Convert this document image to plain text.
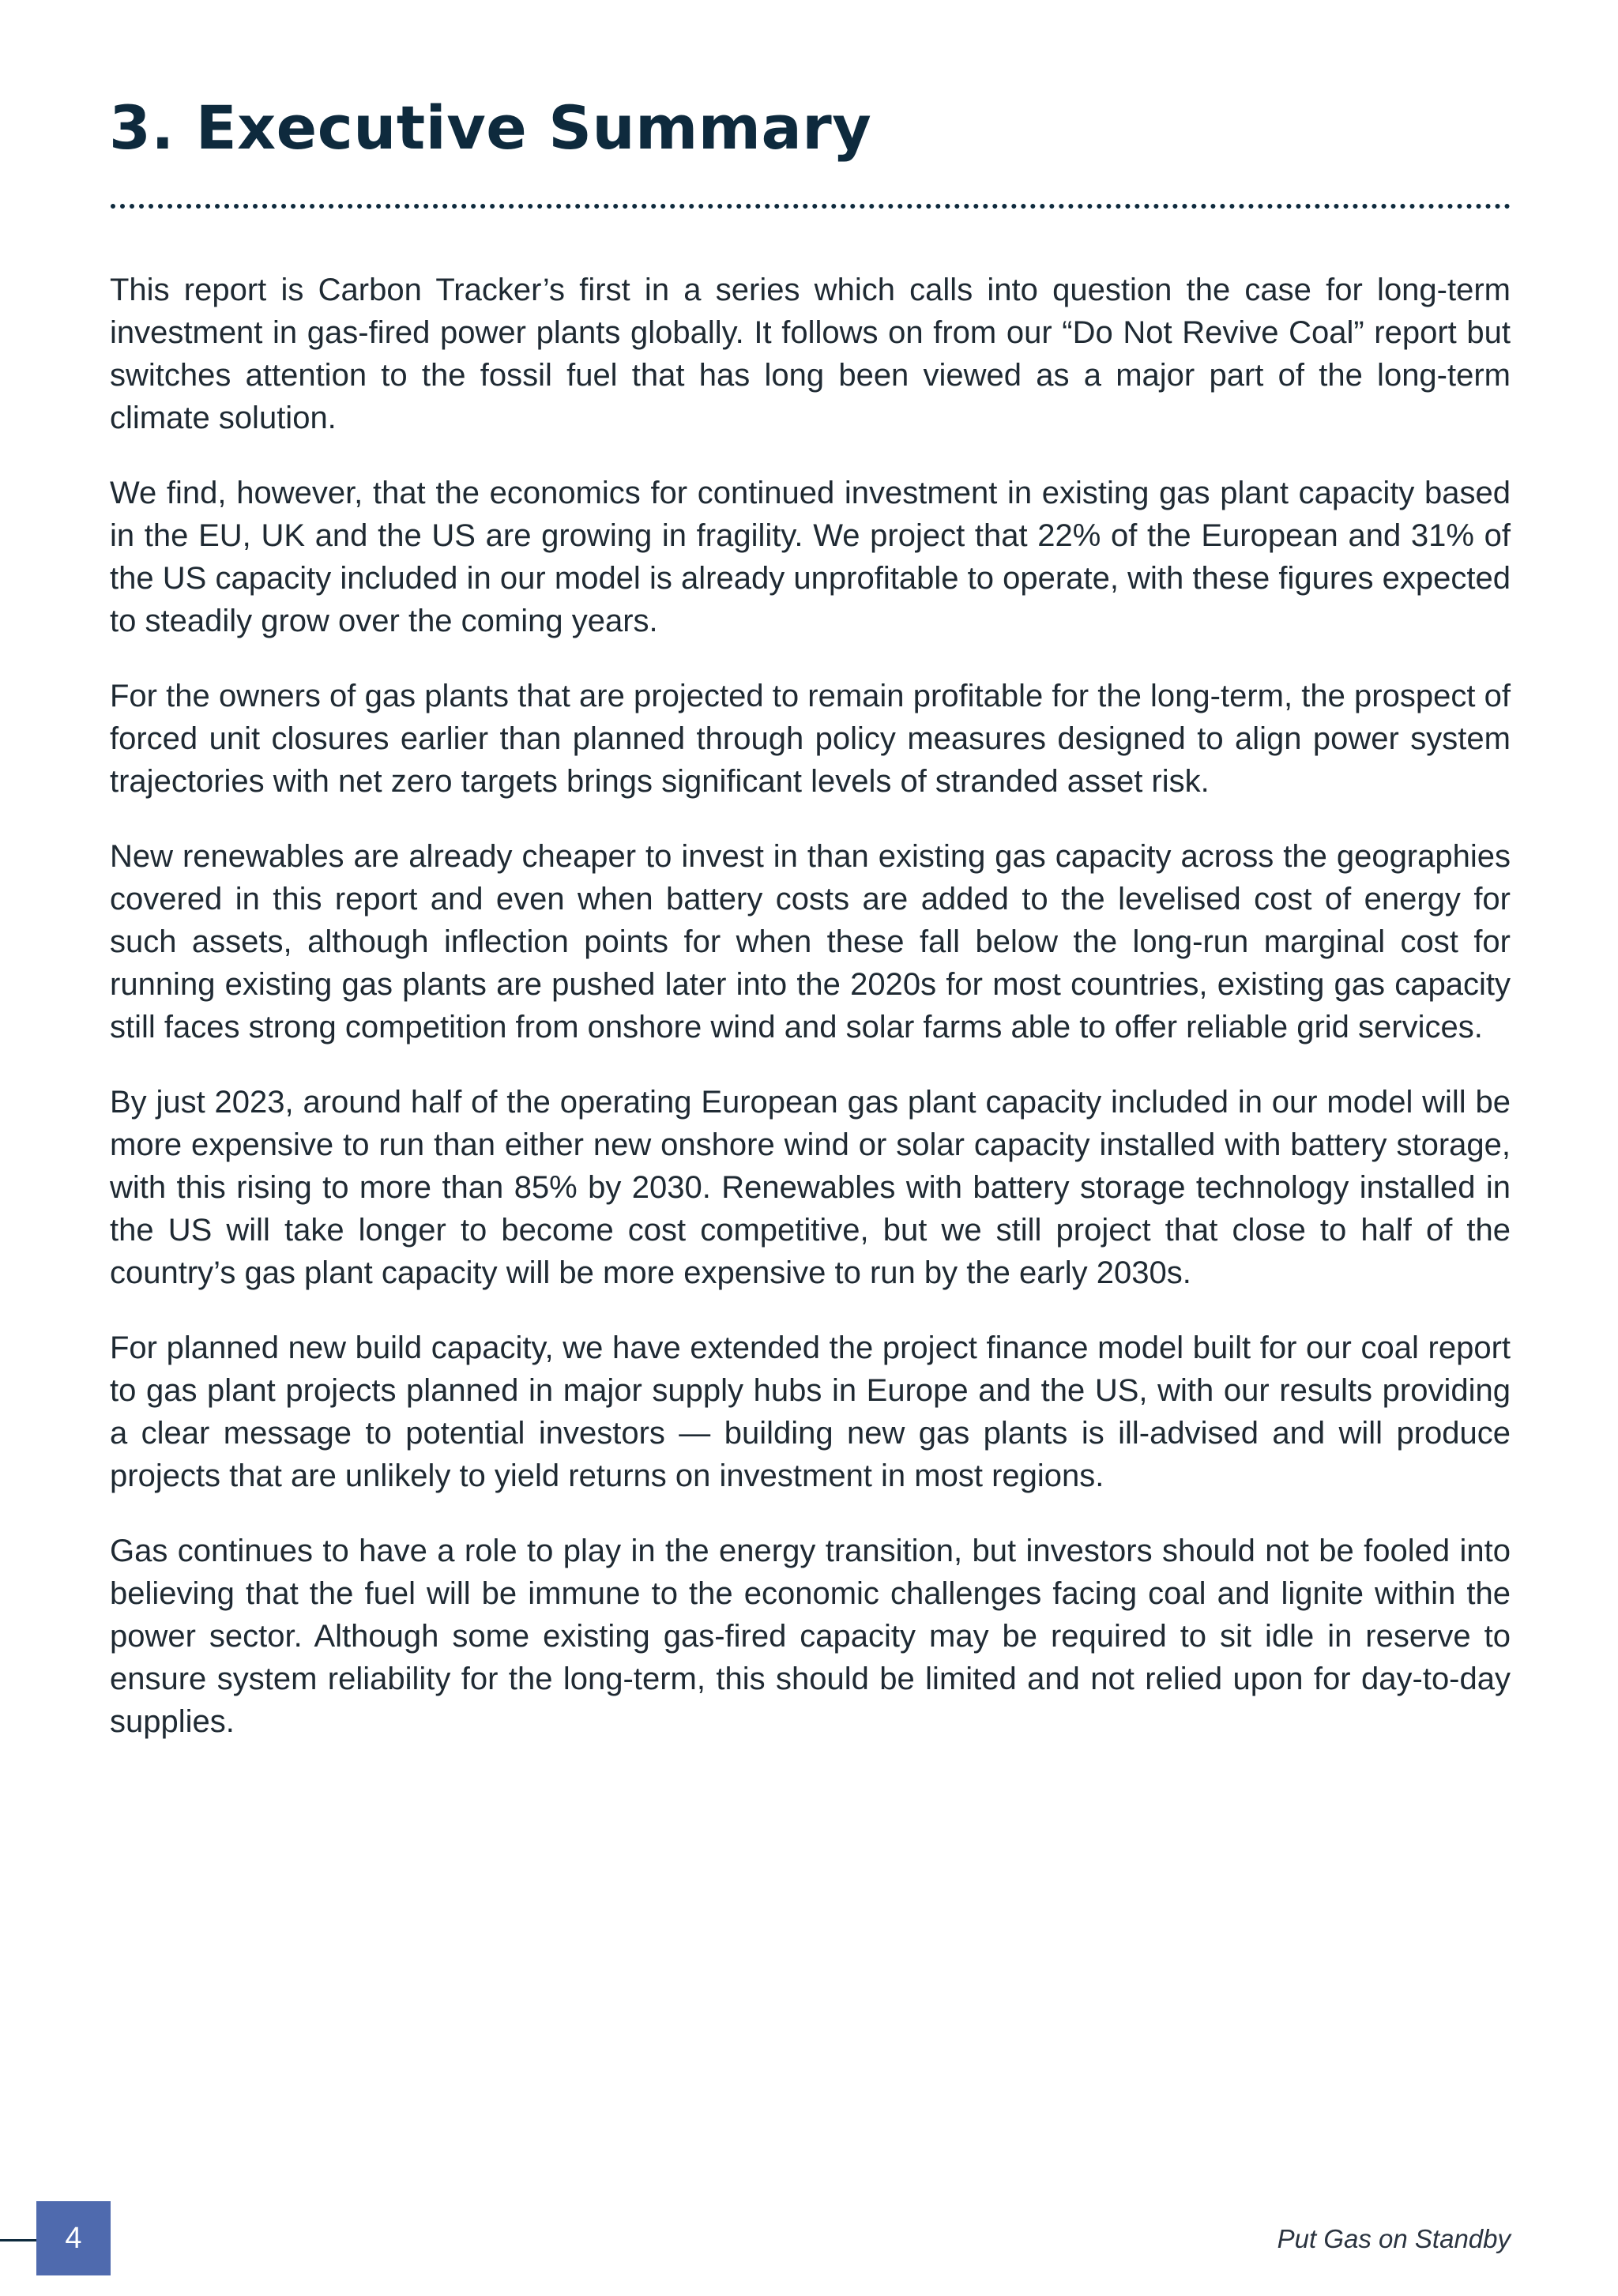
3. Executive Summary

This report is Carbon Tracker’s first in a series which calls into question the case for long-term investment in gas-fired power plants globally. It follows on from our “Do Not Revive Coal” report but switches attention to the fossil fuel that has long been viewed as a major part of the long-term climate solution.

We find, however, that the economics for continued investment in existing gas plant capacity based in the EU, UK and the US are growing in fragility. We project that 22% of the European and 31% of the US capacity included in our model is already unprofitable to operate, with these figures expected to steadily grow over the coming years.

For the owners of gas plants that are projected to remain profitable for the long-term, the prospect of forced unit closures earlier than planned through policy measures designed to align power system trajectories with net zero targets brings significant levels of stranded asset risk.

New renewables are already cheaper to invest in than existing gas capacity across the geographies covered in this report and even when battery costs are added to the levelised cost of energy for such assets, although inflection points for when these fall below the long-run marginal cost for running existing gas plants are pushed later into the 2020s for most countries, existing gas capacity still faces strong competition from onshore wind and solar farms able to offer reliable grid services.

By just 2023, around half of the operating European gas plant capacity included in our model will be more expensive to run than either new onshore wind or solar capacity installed with battery storage, with this rising to more than 85% by 2030. Renewables with battery storage technology installed in the US will take longer to become cost competitive, but we still project that close to half of the country’s gas plant capacity will be more expensive to run by the early 2030s.

For planned new build capacity, we have extended the project finance model built for our coal report to gas plant projects planned in major supply hubs in Europe and the US, with our results providing a clear message to potential investors — building new gas plants is ill-advised and will produce projects that are unlikely to yield returns on investment in most regions.

Gas continues to have a role to play in the energy transition, but investors should not be fooled into believing that the fuel will be immune to the economic challenges facing coal and lignite within the power sector. Although some existing gas-fired capacity may be required to sit idle in reserve to ensure system reliability for the long-term, this should be limited and not relied upon for day-to-day supplies.

4	Put Gas on Standby
